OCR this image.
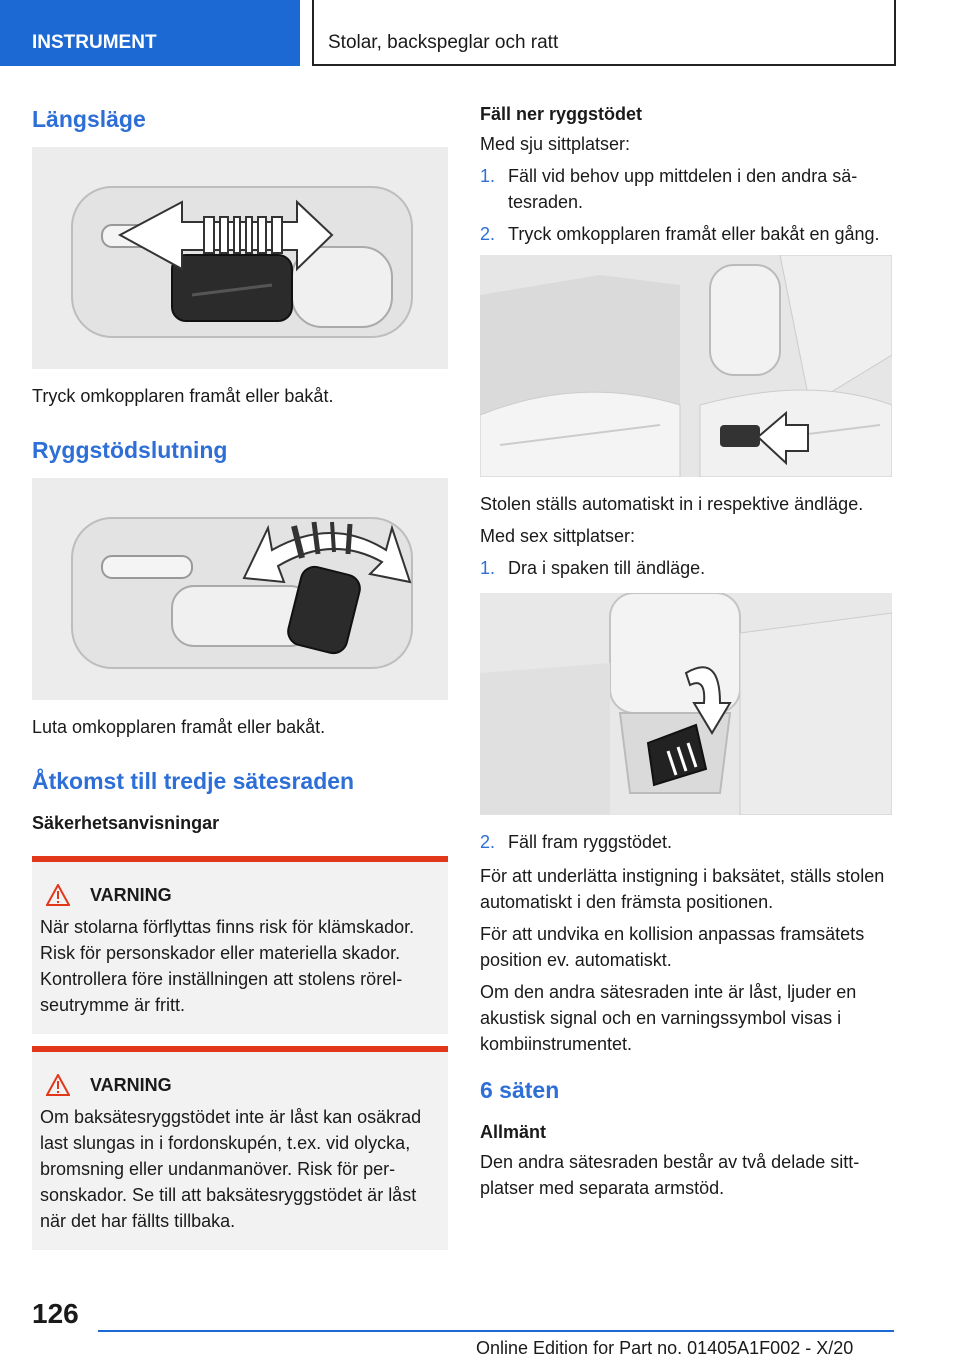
INSTRUMENT	Stolar, backspeglar och ratt
Längsläge

Tryck omkopplaren framåt eller bakåt.

Ryggstödslutning

Luta omkopplaren framåt eller bakåt.

Åtkomst till tredje sätesraden
Säkerhetsanvisningar
VARNING

När stolarna förflyttas finns risk för klämskador. Risk för personskador eller materiella skador. Kontrollera före inställningen att stolens rörelseutrymme är fritt.

VARNING

Om baksätesryggstödet inte är låst kan osäkrad last slungas in i fordonskupén, t.ex. vid olycka, bromsning eller undanmanöver. Risk för personskador. Se till att baksätesryggstödet är låst när det har fällts tillbaka.

Fäll ner ryggstödet

Med sju sittplatser:

1. Fäll vid behov upp mittdelen i den andra sätesraden.
2. Tryck omkopplaren framåt eller bakåt en gång.

Stolen ställs automatiskt in i respektive ändläge.

Med sex sittplatser:

1. Dra i spaken till ändläge.
2. Fäll fram ryggstödet.

För att underlätta instigning i baksätet, ställs stolen automatiskt i den främsta positionen.

För att undvika en kollision anpassas framsätets position ev. automatiskt.

Om den andra sätesraden inte är låst, ljuder en akustisk signal och en varningssymbol visas i kombiinstrumentet.

6 säten
Allmänt

Den andra sätesraden består av två delade sittplatser med separata armstöd.

126
Online Edition for Part no. 01405A1F002 - X/20
